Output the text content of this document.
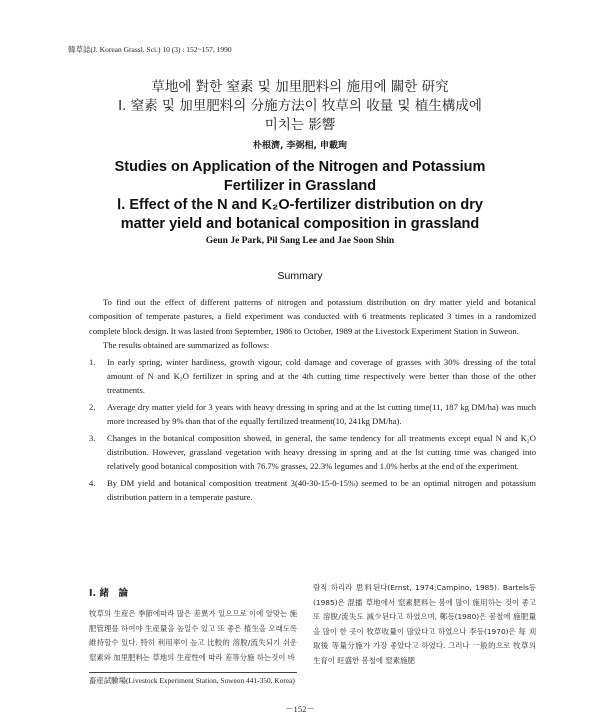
韓草誌(J. Korean Grassl. Sci.) 10 (3) : 152~157, 1990
草地에 對한 窒素 및 加里肥料의 施用에 關한 研究
Ⅰ. 窒素 및 加里肥料의 分施方法이 牧草의 收量 및 植生構成에
미치는 影響
朴根濟, 李弼相, 申載珣
Studies on Application of the Nitrogen and Potassium
Fertilizer in Grassland
Ⅰ. Effect of the N and K₂O-fertilizer distribution on dry
matter yield and botanical composition in grassland
Geun Je Park, Pil Sang Lee and Jae Soon Shin
Summary

To find out the effect of different patterns of nitrogen and potassium distribution on dry matter yield and botanical composition of temperate pastures, a field experiment was conducted with 6 treatments replicated 3 times in a randomized complete block design. It was lasted from September, 1986 to October, 1989 at the Livestock Experiment Station in Suweon.

The results obtained are summarized as follows:

1. In early spring, winter hardiness, growth vigour, cold damage and coverage of grasses with 30% dressing of the total amount of N and K₂O fertilizer in spring and at the 4th cutting time respectively were better than those of the other treatments.
2. Average dry matter yield for 3 years with heavy dressing in spring and at the lst cutting time(11, 187 kg DM/ha) was much more increased by 9% than that of the equally fertilized treatment(10, 241kg DM/ha).
3. Changes in the botanical composition showed, in general, the same tendency for all treatments except equal N and K₂O distribution. However, grassland vegetation with heavy dressing in spring and at the lst cutting time was changed into relatively good botanical composition with 76.7% grasses, 22.3% legumes and 1.0% herbs at the end of the experiment.
4. By DM yield and botanical composition treatment 3(40-30-15-0-15%) seemed to be an optimal nitrogen and potassium distribution pattern in a temperate pasture.
Ⅰ. 緒　論
牧草의 生産은 季節에따라 많은 差異가 있으므로 이에 알맞는 施肥管理를 하여야 生産量을 높일수 있고 또 좋은 植生을 오래도록 維持할수 있다. 特히 利用率이 높고 比較的 溶脫/流失되기 쉬운 窒素와 加里肥料는 草地의 生産性에 따라 差等分施 하는것이 바
람직 하리라 思料된다(Ernst, 1974;Campino, 1985). Bartels등(1985)은 混播 草地에서 窒素肥料는 봄에 많이 施用하는 것이 좋고 또 溶脫/流失도 減少된다고 하였으며, 鄭등(1980)은 봄철에 施肥量을 많이 한 곳이 牧草收量이 많았다고 하였으나 李등(1970)은 每 刈取後 等量分施가 가장 좋았다고 하였다. 그러나 一般的으로 牧草의 生育이 旺盛한 봄철에 窒素施肥
畜産試驗場(Livestock Experiment Station, Suweon 441-350, Korea)
－152－
